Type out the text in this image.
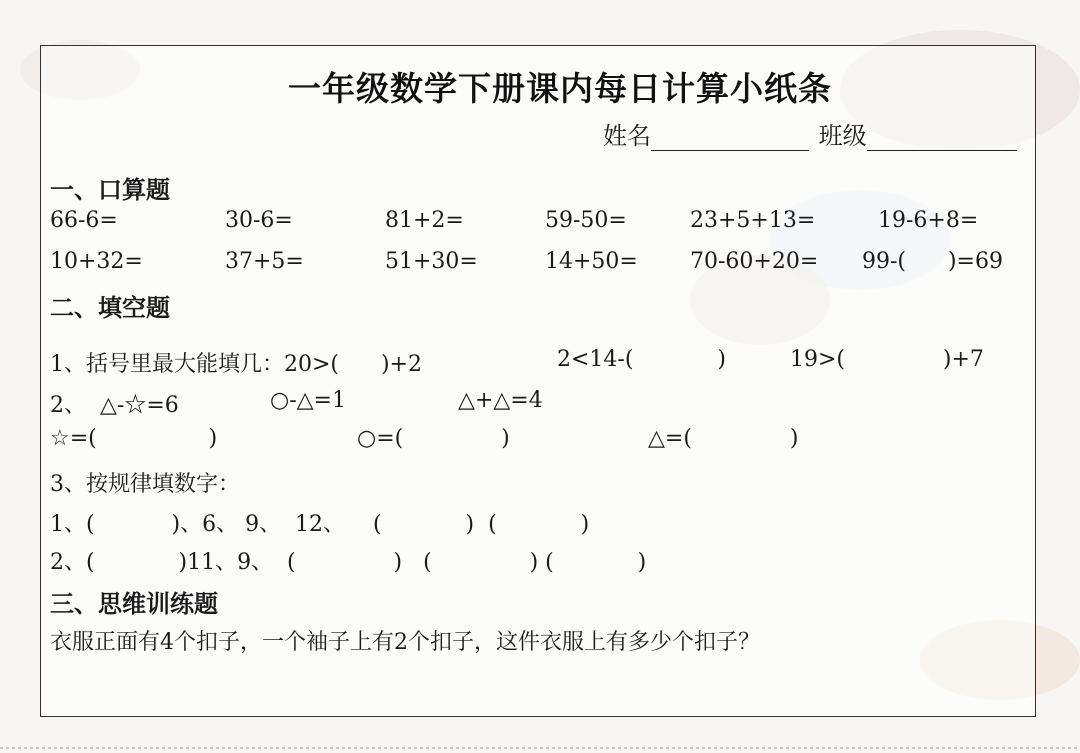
一年级数学下册课内每日计算小纸条
姓名	班级
一、口算题
66-6=	30-6=	81+2=	59-50=	23+5+13=	19-6+8=
10+32=	37+5=	51+30=	14+50= 70-60+20= 99-(      )=69
二、填空题
1、括号里最大能填几：20>(      )+2	2<14-(            )	19>(              )+7
2、  △-☆=6	○-△=1	△+△=4
☆=(                )	○=(              )	△=(              )
3、按规律填数字：
1、(           )、6、 9、  12、    (            )  (            )
2、(            )11、9、  (              )   (              ) (            )
三、思维训练题
衣服正面有4个扣子，一个袖子上有2个扣子，这件衣服上有多少个扣子？
